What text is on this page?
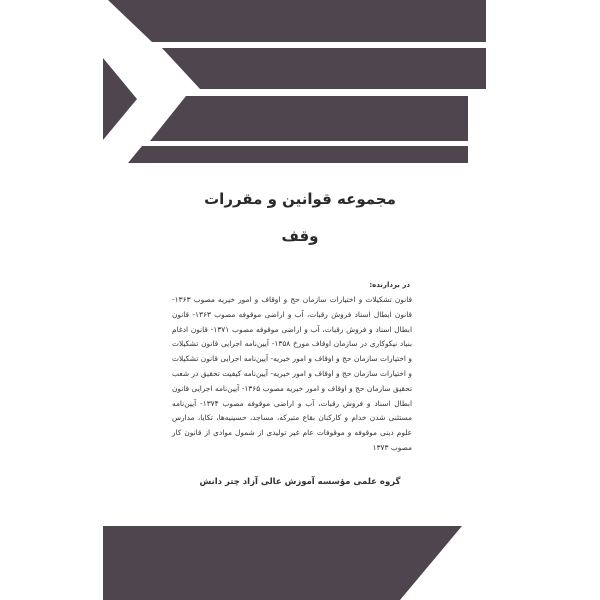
مجموعه قوانین و مقررات
وقف
در بردارنده:

قانون تشکیلات و اختیارات سازمان حج و اوقاف و امور خیریه مصوب ۱۳۶۳- قانون ابطال اسناد فروش رقبات، آب و اراضی موقوفه مصوب ۱۳۶۳- قانون ابطال اسناد و فروش رقبات، آب و اراضی موقوفه مصوب ۱۳۷۱- قانون ادغام بنیاد نیکوکاری در سازمان اوقاف مورخ ۱۳۵۸- آیین‌نامه اجرایی قانون تشکیلات و اختیارات سازمان حج و اوقاف و امور خیریه- آیین‌نامه اجرایی قانون تشکیلات و اختیارات سازمان حج و اوقاف و امور خیریه- آیین‌نامه کیفیت تحقیق در شعب تحقیق سازمان حج و اوقاف و امور خیریه مصوب ۱۳۶۵- آیین‌نامه اجرایی قانون ابطال اسناد و فروش رقبات، آب و اراضی موقوفه مصوب ۱۳۷۴- آیین‌نامه مستثنی شدن خدام و کارکنان بقاع متبرکه، مساجد، حسینیه‌ها، تکایا، مدارس علوم دینی موقوفه و موقوفات عام غیر تولیدی از شمول موادی از قانون کار مصوب ۱۳۷۳

گروه علمی مؤسسه آموزش عالی آزاد چتر دانش
